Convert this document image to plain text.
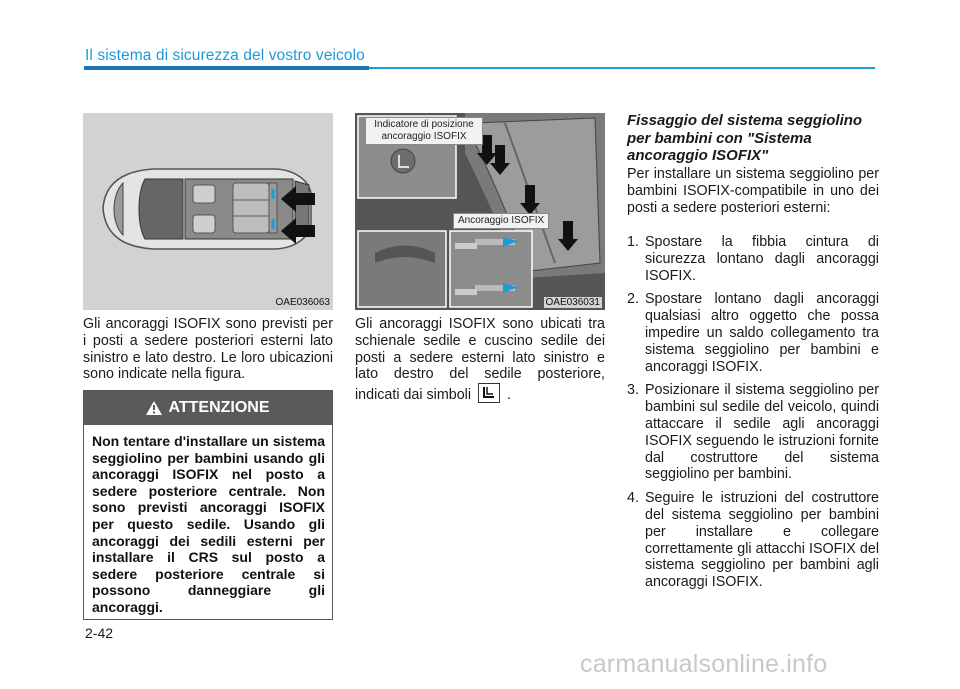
Il sistema di sicurezza del vostro veicolo
OAE036063
Indicatore di posizione ancoraggio ISOFIX
Ancoraggio ISOFIX
OAE036031
Gli ancoraggi ISOFIX sono previsti per i posti a sedere posteriori esterni lato sinistro e lato destro. Le loro ubicazioni sono indicate nella figura.
Gli ancoraggi ISOFIX sono ubicati tra schienale sedile e cuscino sedile dei posti a sedere esterni lato sinistro e lato destro del sedile posteriore, indicati dai simboli	.
ATTENZIONE
Non tentare d'installare un sistema seggiolino per bambini usando gli ancoraggi ISOFIX nel posto a sedere posteriore centrale. Non sono previsti ancoraggi ISOFIX per questo sedile. Usando gli ancoraggi dei sedili esterni per installare il CRS sul posto a sedere posteriore centrale si possono danneggiare gli ancoraggi.
Fissaggio del sistema seggiolino per bambini con "Sistema ancoraggio ISOFIX"
Per installare un sistema seggiolino per bambini ISOFIX-compatibile in uno dei posti a sedere posteriori esterni:
1. Spostare la fibbia cintura di sicurezza lontano dagli ancoraggi ISOFIX.
2. Spostare lontano dagli ancoraggi qualsiasi altro oggetto che possa impedire un saldo collegamento tra sistema seggiolino per bambini e ancoraggi ISOFIX.
3. Posizionare il sistema seggiolino per bambini sul sedile del veicolo, quindi attaccare il sedile agli ancoraggi ISOFIX seguendo le istruzioni fornite dal costruttore del sistema seggiolino per bambini.
4. Seguire le istruzioni del costruttore del sistema seggiolino per bambini per installare e collegare correttamente gli attacchi ISOFIX del sistema seggiolino per bambini agli ancoraggi ISOFIX.
2-42
carmanualsonline.info
